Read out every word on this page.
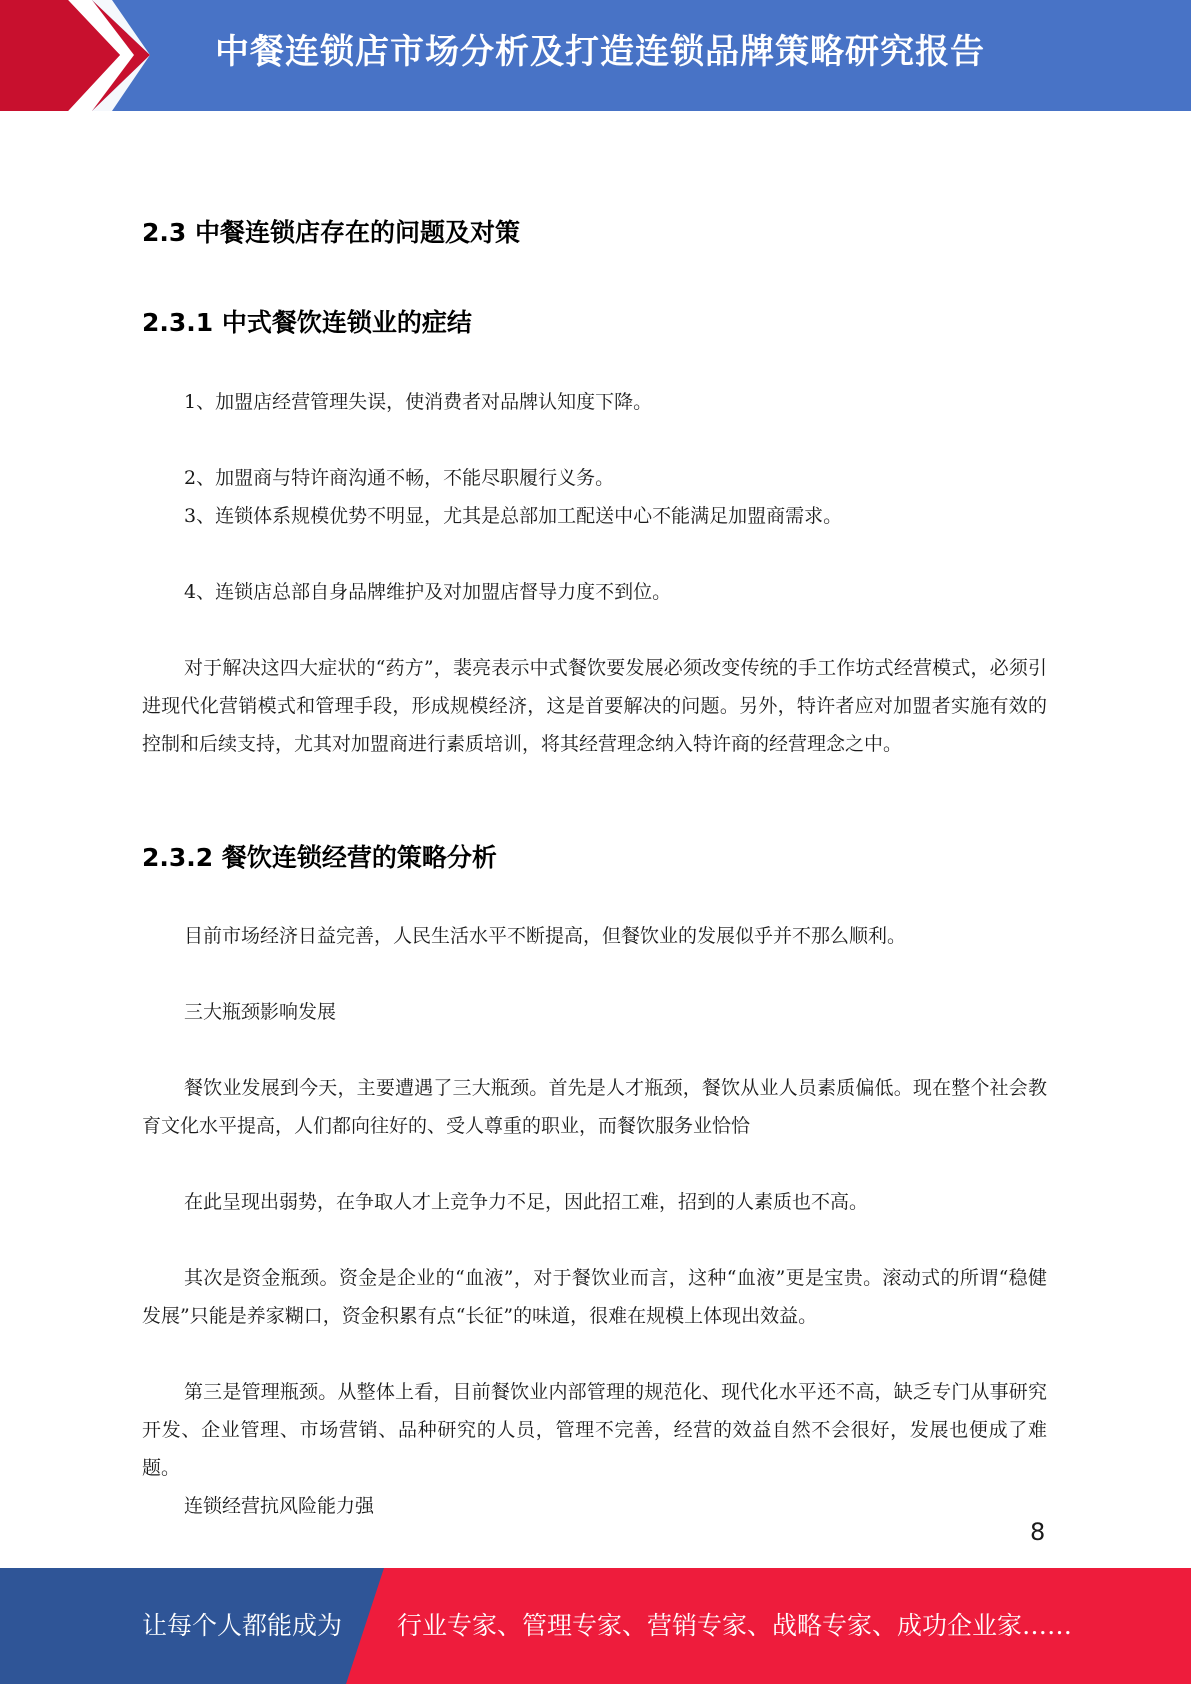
中餐连锁店市场分析及打造连锁品牌策略研究报告
2.3 中餐连锁店存在的问题及对策
2.3.1 中式餐饮连锁业的症结
1、加盟店经营管理失误，使消费者对品牌认知度下降。
2、加盟商与特许商沟通不畅，不能尽职履行义务。
3、连锁体系规模优势不明显，尤其是总部加工配送中心不能满足加盟商需求。
4、连锁店总部自身品牌维护及对加盟店督导力度不到位。
对于解决这四大症状的“药方”，裴亮表示中式餐饮要发展必须改变传统的手工作坊式经营模式，必须引进现代化营销模式和管理手段，形成规模经济，这是首要解决的问题。另外，特许者应对加盟者实施有效的控制和后续支持，尤其对加盟商进行素质培训，将其经营理念纳入特许商的经营理念之中。
2.3.2 餐饮连锁经营的策略分析
目前市场经济日益完善，人民生活水平不断提高，但餐饮业的发展似乎并不那么顺利。
三大瓶颈影响发展
餐饮业发展到今天，主要遭遇了三大瓶颈。首先是人才瓶颈，餐饮从业人员素质偏低。现在整个社会教育文化水平提高，人们都向往好的、受人尊重的职业，而餐饮服务业恰恰
在此呈现出弱势，在争取人才上竞争力不足，因此招工难，招到的人素质也不高。
其次是资金瓶颈。资金是企业的“血液”，对于餐饮业而言，这种“血液”更是宝贵。滚动式的所谓“稳健发展”只能是养家糊口，资金积累有点“长征”的味道，很难在规模上体现出效益。
第三是管理瓶颈。从整体上看，目前餐饮业内部管理的规范化、现代化水平还不高，缺乏专门从事研究开发、企业管理、市场营销、品种研究的人员，管理不完善，经营的效益自然不会很好，发展也便成了难题。
连锁经营抗风险能力强
8
让每个人都能成为 行业专家、管理专家、营销专家、战略专家、成功企业家……
